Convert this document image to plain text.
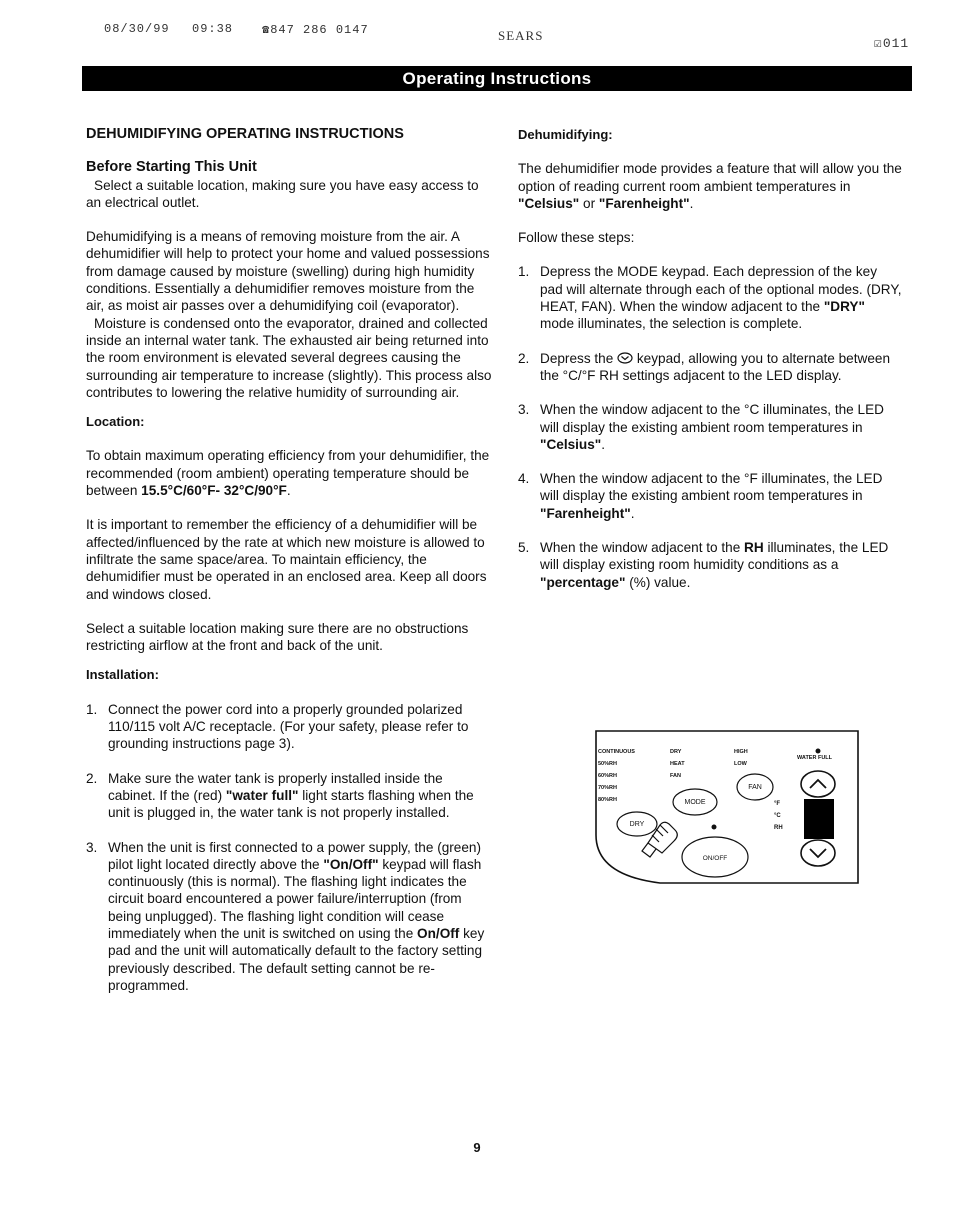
08/30/99 09:38 ☎847 286 0147	SEARS
☑011
Operating Instructions

DEHUMIDIFYING OPERATING INSTRUCTIONS

Before Starting This Unit

Select a suitable location, making sure you have easy access to an electrical outlet.

Dehumidifying is a means of removing moisture from the air. A dehumidifier will help to protect your home and valued possessions from damage caused by moisture (swelling) during high humidity conditions. Essentially a dehumidifier removes moisture from the air, as moist air passes over a dehumidifying coil (evaporator).

Moisture is condensed onto the evaporator, drained and collected inside an internal water tank. The exhausted air being returned into the room environment is elevated several degrees causing the surrounding air temperature to increase (slightly). This process also contributes to lowering the relative humidity of surrounding air.

Location:

To obtain maximum operating efficiency from your dehumidifier, the recommended (room ambient) operating temperature should be between 15.5°C/60°F- 32°C/90°F.

It is important to remember the efficiency of a dehumidifier will be affected/influenced by the rate at which new moisture is allowed to infiltrate the same space/area. To maintain efficiency, the dehumidifier must be operated in an enclosed area. Keep all doors and windows closed.

Select a suitable location making sure there are no obstructions restricting airflow at the front and back of the unit.

Installation:

1. Connect the power cord into a properly grounded polarized 110/115 volt A/C receptacle. (For your safety, please refer to grounding instructions page 3).
2. Make sure the water tank is properly installed inside the cabinet. If the (red) "water full" light starts flashing when the unit is plugged in, the water tank is not properly installed.
3. When the unit is first connected to a power supply, the (green) pilot light located directly above the "On/Off" keypad will flash continuously (this is normal). The flashing light indicates the circuit board encountered a power failure/interruption (from being unplugged). The flashing light condition will cease immediately when the unit is switched on using the On/Off key pad and the unit will automatically default to the factory setting previously described. The default setting cannot be re-programmed.

Dehumidifying:

The dehumidifier mode provides a feature that will allow you the option of reading current room ambient temperatures in "Celsius" or "Farenheight".

Follow these steps:

1. Depress the MODE keypad. Each depression of the key pad will alternate through each of the optional modes. (DRY, HEAT, FAN). When the window adjacent to the "DRY" mode illuminates, the selection is complete.
2. Depress the  keypad, allowing you to alternate between the °C/°F RH settings adjacent to the LED display.
3. When the window adjacent to the °C illuminates, the LED will display the existing ambient room temperatures in "Celsius".
4. When the window adjacent to the °F illuminates, the LED will display the existing ambient room temperatures in "Farenheight".
5. When the window adjacent to the RH illuminates, the LED will display existing room humidity conditions as a "percentage" (%) value.
CONTINUOUS
50%RH
60%RH
70%RH
80%RH
DRY
HEAT
FAN
HIGH
LOW
WATER FULL
FAN
MODE
DRY
ON/OFF
°F
°C
RH
9
